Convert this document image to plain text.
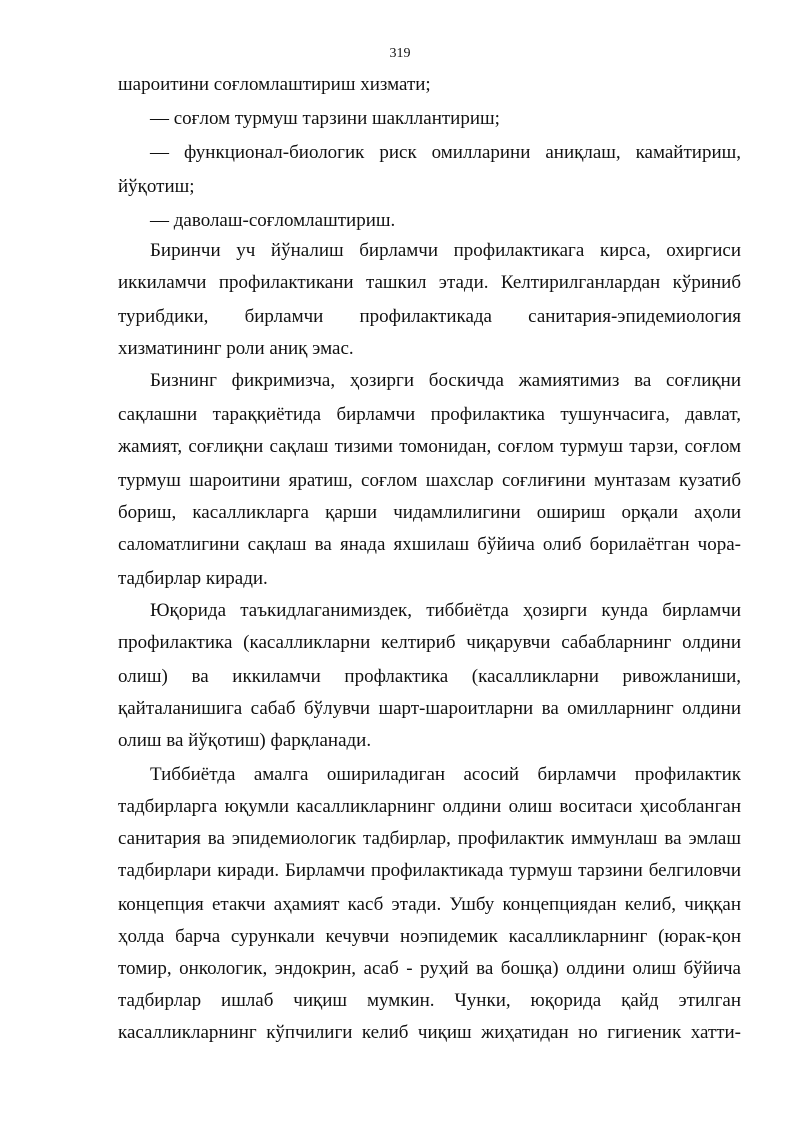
319
шароитини соғломлаштириш хизмати;
— соғлом турмуш тарзини шакллантириш;
— функционал-биологик риск омилларини аниқлаш, камайтириш,
йўқотиш;
— даволаш-соғломлаштириш.
Биринчи уч йўналиш бирламчи профилактикага кирса, охиргиси
иккиламчи профилактикани ташкил этади. Келтирилганлардан кўриниб
турибдики, бирламчи профилактикада санитария-эпидемиология
хизматининг роли аниқ эмас.
Бизнинг фикримизча, ҳозирги боскичда жамиятимиз ва соғлиқни
сақлашни тараққиётида бирламчи профилактика тушунчасига, давлат,
жамият, соғлиқни сақлаш тизими томонидан, соғлом турмуш тарзи, соғлом
турмуш шароитини яратиш, соғлом шахслар соғлиғини мунтазам кузатиб
бориш, касалликларга қарши чидамлилигини ошириш орқали аҳоли
саломатлигини сақлаш ва янада яхшилаш бўйича олиб борилаётган чора-
тадбирлар киради.
Юқорида таъкидлаганимиздек, тиббиётда ҳозирги кунда бирламчи
профилактика (касалликларни келтириб чиқарувчи сабабларнинг олдини
олиш) ва иккиламчи профлактика (касалликларни ривожланиши,
қайталанишига сабаб бўлувчи шарт-шароитларни ва омилларнинг олдини
олиш ва йўқотиш) фарқланади.
Тиббиётда амалга ошириладиган асосий бирламчи профилактик
тадбирларга юқумли касалликларнинг олдини олиш воситаси ҳисобланган
санитария ва эпидемиологик тадбирлар, профилактик иммунлаш ва эмлаш
тадбирлари киради. Бирламчи профилактикада турмуш тарзини белгиловчи
концепция етакчи аҳамият касб этади. Ушбу концепциядан келиб, чиққан
ҳолда барча сурункали кечувчи ноэпидемик касалликларнинг (юрак-қон
томир, онкологик, эндокрин, асаб - руҳий ва бошқа) олдини олиш бўйича
тадбирлар ишлаб чиқиш мумкин. Чунки, юқорида қайд этилган
касалликларнинг кўпчилиги келиб чиқиш жиҳатидан но гигиеник хатти-
